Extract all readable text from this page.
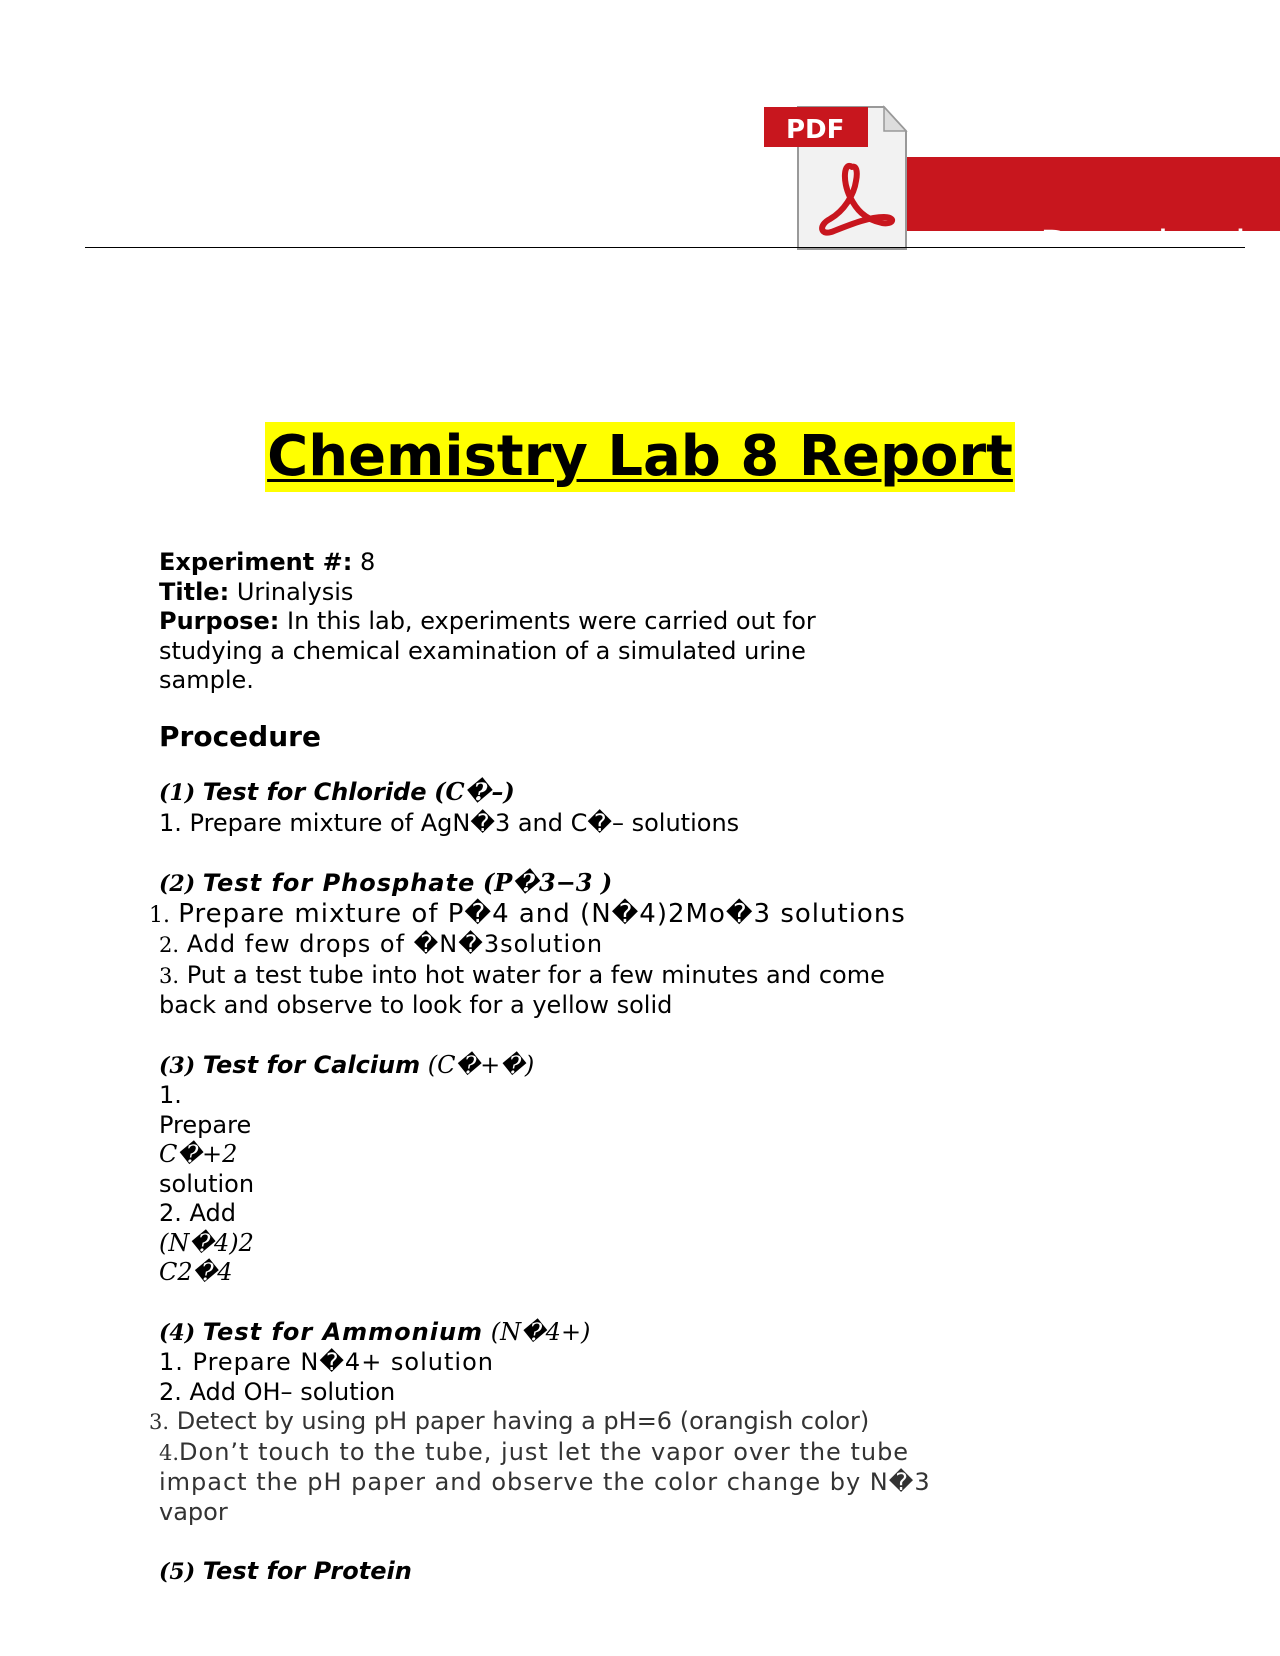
Download
PDF
Chemistry Lab 8 Report

Experiment #: 8

Title: Urinalysis

Purpose: In this lab, experiments were carried out for

studying a chemical examination of a simulated urine

sample.

Procedure

(1) Test for Chloride (C�–)

1. Prepare mixture of AgN�3 and C�– solutions

(2) Test for Phosphate (P�3−3 )

1. Prepare mixture of P�4 and (N�4)2Mo�3 solutions

2. Add few drops of �N�3solution

3. Put a test tube into hot water for a few minutes and come

back and observe to look for a yellow solid

(3) Test for Calcium (C�+�)

1.

Prepare

C�+2

solution

2. Add

(N�4)2

C2�4

(4) Test for Ammonium (N�4+)

1. Prepare N�4+ solution

2. Add OH– solution

3. Detect by using pH paper having a pH=6 (orangish color)

4.Don’t touch to the tube, just let the vapor over the tube

impact the pH paper and observe the color change by N�3

vapor

(5) Test for Protein
